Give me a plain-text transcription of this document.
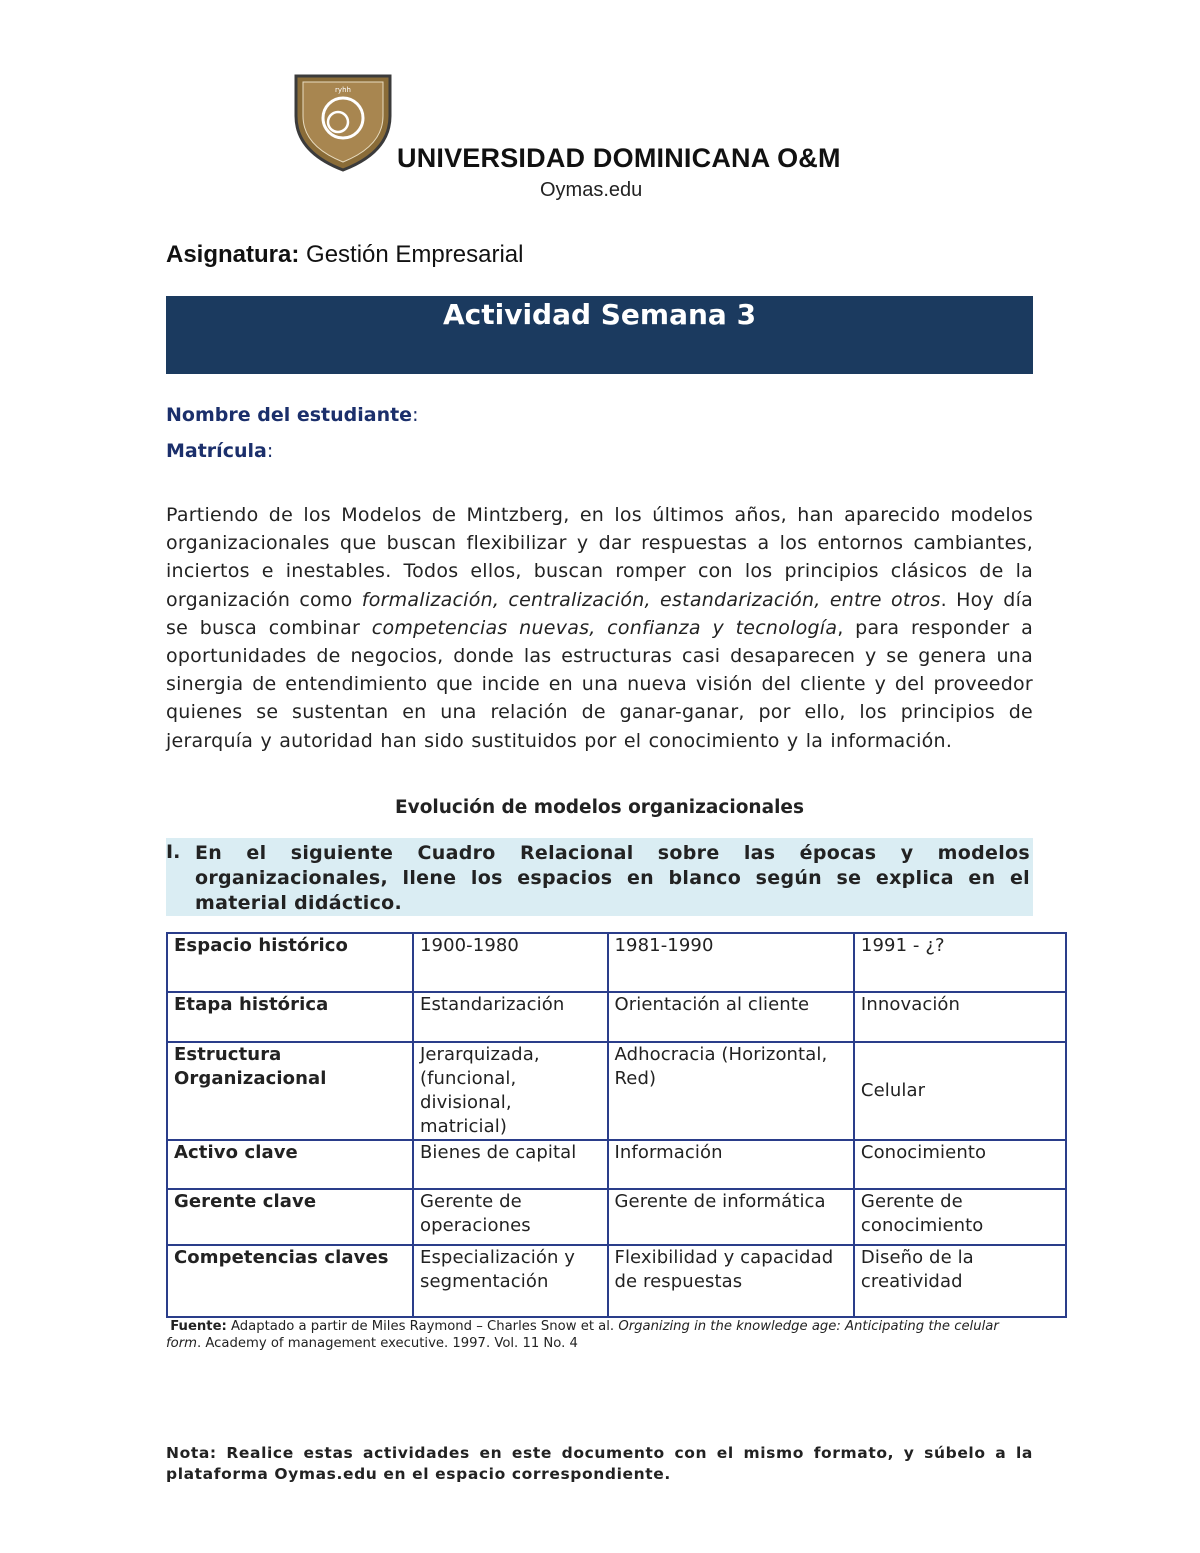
ryhh
UNIVERSIDAD DOMINICANA O&M
Oymas.edu
Asignatura: Gestión Empresarial
Actividad Semana 3
Nombre del estudiante:
Matrícula:
Partiendo de los Modelos de Mintzberg, en los últimos años, han aparecido modelos organizacionales que buscan flexibilizar y dar respuestas a los entornos cambiantes, inciertos e inestables. Todos ellos, buscan romper con los principios clásicos de la organización como formalización, centralización, estandarización, entre otros. Hoy día se busca combinar competencias nuevas, confianza y tecnología, para responder a oportunidades de negocios, donde las estructuras casi desaparecen y se genera una sinergia de entendimiento que incide en una nueva visión del cliente y del proveedor quienes se sustentan en una relación de ganar-ganar, por ello, los principios de jerarquía y autoridad han sido sustituidos por el conocimiento y la información.
Evolución de modelos organizacionales
I. En el siguiente Cuadro Relacional sobre las épocas y modelos organizacionales, llene los espacios en blanco según se explica en el material didáctico.
Espacio histórico	1900-1980	1981-1990	1991 - ¿?
Etapa histórica	Estandarización	Orientación al cliente	Innovación
Estructura Organizacional	Jerarquizada, (funcional, divisional, matricial)	Adhocracia (Horizontal, Red)	Celular
Activo clave	Bienes de capital	Información	Conocimiento
Gerente clave	Gerente de operaciones	Gerente de informática	Gerente de conocimiento
Competencias claves	Especialización y segmentación	Flexibilidad y capacidad de respuestas	Diseño de la creatividad
Fuente: Adaptado a partir de Miles Raymond – Charles Snow et al. Organizing in the knowledge age: Anticipating the celular form. Academy of management executive. 1997. Vol. 11 No. 4
Nota: Realice estas actividades en este documento con el mismo formato, y súbelo a la plataforma Oymas.edu en el espacio correspondiente.
